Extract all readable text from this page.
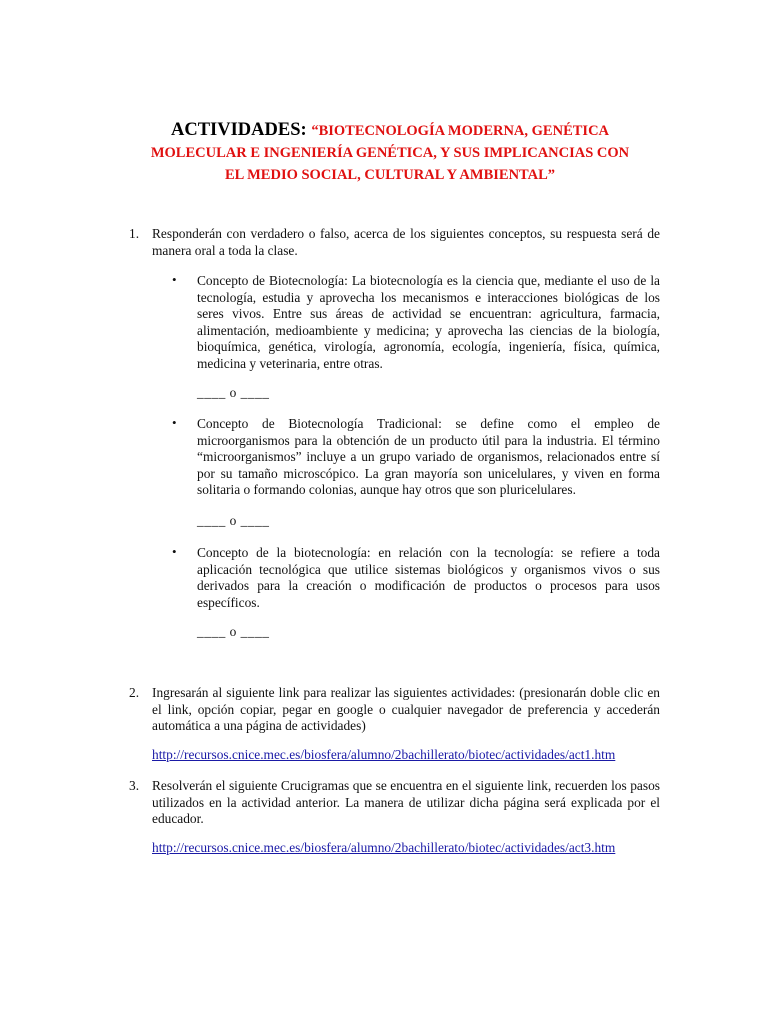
ACTIVIDADES: “BIOTECNOLOGÍA MODERNA, GENÉTICA MOLECULAR E INGENIERÍA GENÉTICA, Y SUS IMPLICANCIAS CON EL MEDIO SOCIAL, CULTURAL Y AMBIENTAL”
1. Responderán con verdadero o falso, acerca de los siguientes conceptos, su respuesta será de manera oral a toda la clase.
• Concepto de Biotecnología: La biotecnología es la ciencia que, mediante el uso de la tecnología, estudia y aprovecha los mecanismos e interacciones biológicas de los seres vivos. Entre sus áreas de actividad se encuentran: agricultura, farmacia, alimentación, medioambiente y medicina; y aprovecha las ciencias de la biología, bioquímica, genética, virología, agronomía, ecología, ingeniería, física, química, medicina y veterinaria, entre otras.
____ o ____
• Concepto de Biotecnología Tradicional: se define como el empleo de microorganismos para la obtención de un producto útil para la industria. El término “microorganismos” incluye a un grupo variado de organismos, relacionados entre sí por su tamaño microscópico. La gran mayoría son unicelulares, y viven en forma solitaria o formando colonias, aunque hay otros que son pluricelulares.
____ o ____
• Concepto de la biotecnología: en relación con la tecnología: se refiere a toda aplicación tecnológica que utilice sistemas biológicos y organismos vivos o sus derivados para la creación o modificación de productos o procesos para usos específicos.
____ o ____
2. Ingresarán al siguiente link para realizar las siguientes actividades: (presionarán doble clic en el link, opción copiar, pegar en google o cualquier navegador de preferencia y accederán automática a una página de actividades)
http://recursos.cnice.mec.es/biosfera/alumno/2bachillerato/biotec/actividades/act1.htm
3. Resolverán el siguiente Crucigramas que se encuentra en el siguiente link, recuerden los pasos utilizados en la actividad anterior. La manera de utilizar dicha página será explicada por el educador.
http://recursos.cnice.mec.es/biosfera/alumno/2bachillerato/biotec/actividades/act3.htm
